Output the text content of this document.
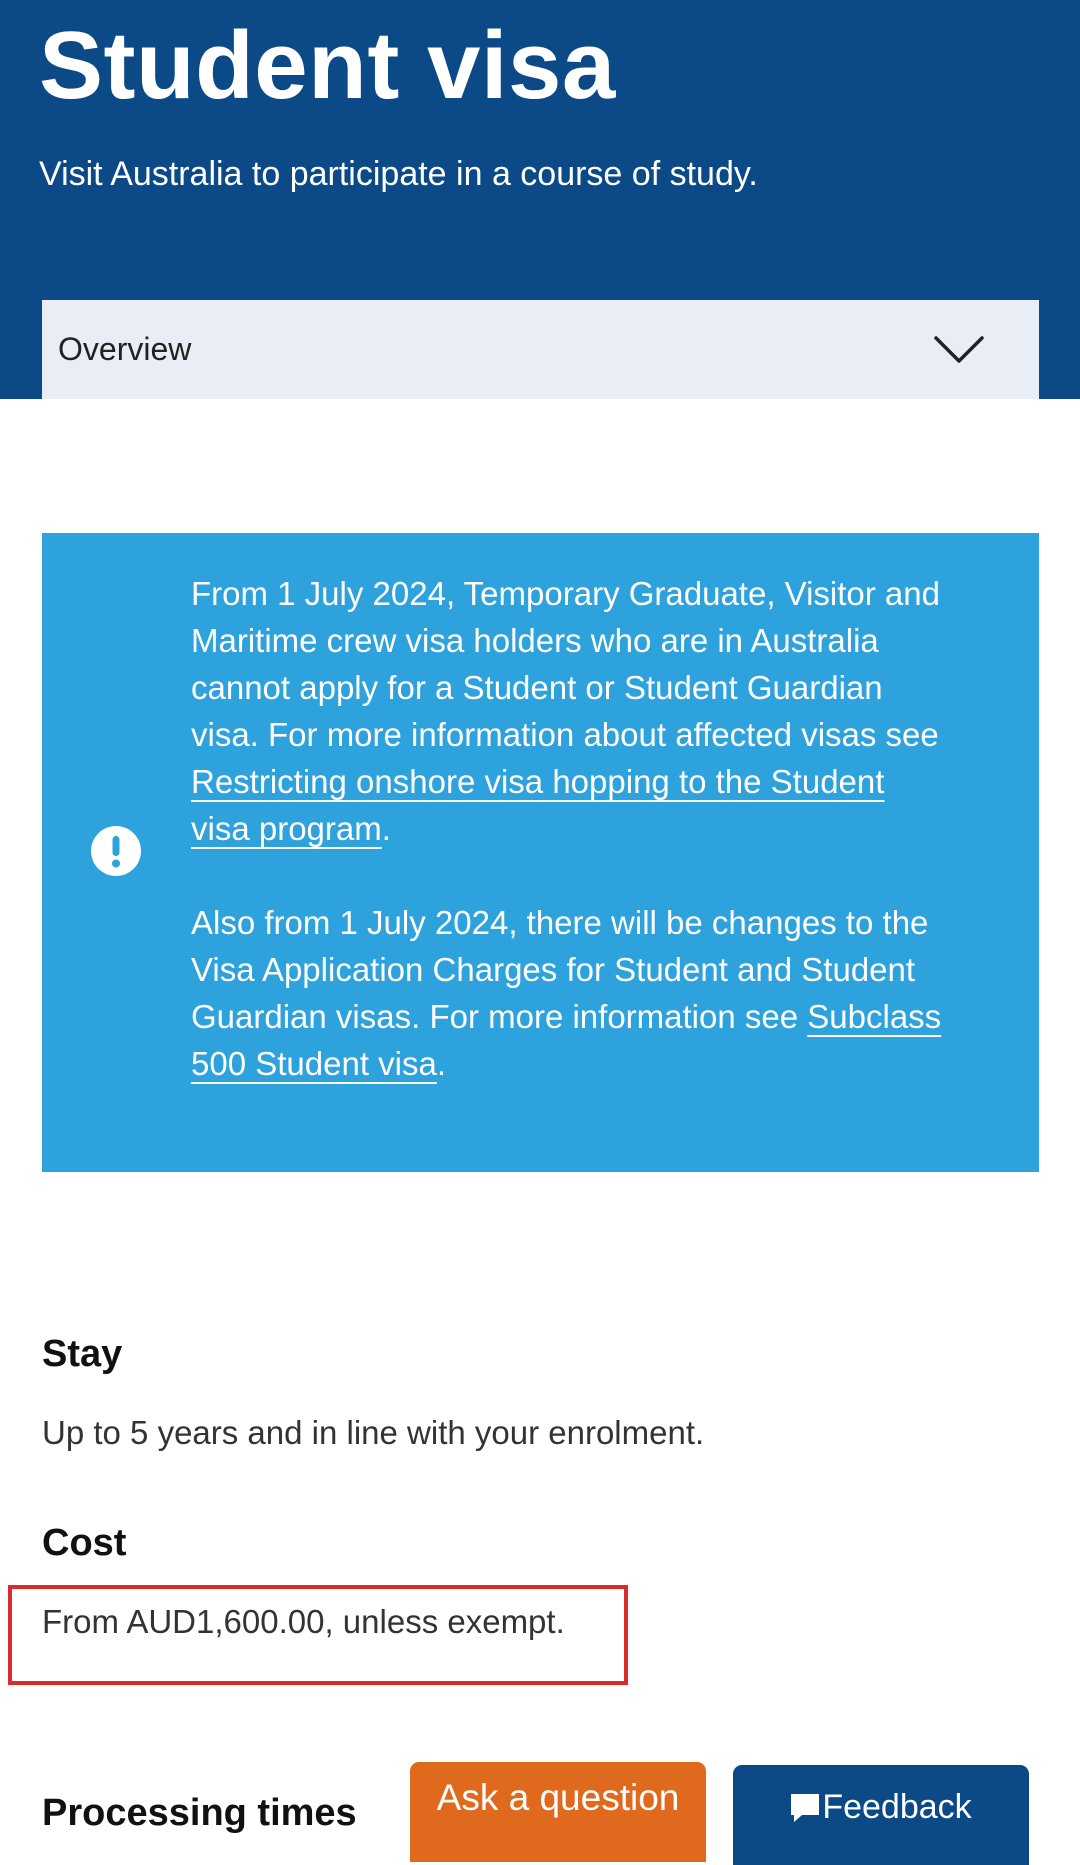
Student visa

Visit Australia to participate in a course of study.

Overview

From 1 July 2024, Temporary Graduate, Visitor and Maritime crew visa holders who are in Australia cannot apply for a Student or Student Guardian visa. For more information about affected visas see Restricting onshore visa hopping to the Student visa program.

Also from 1 July 2024, there will be changes to the Visa Application Charges for Student and Student Guardian visas. For more information see Subclass 500 Student visa.

Stay

Up to 5 years and in line with your enrolment.

Cost

From AUD1,600.00, unless exempt.

Processing times	Ask a question	Feedback
